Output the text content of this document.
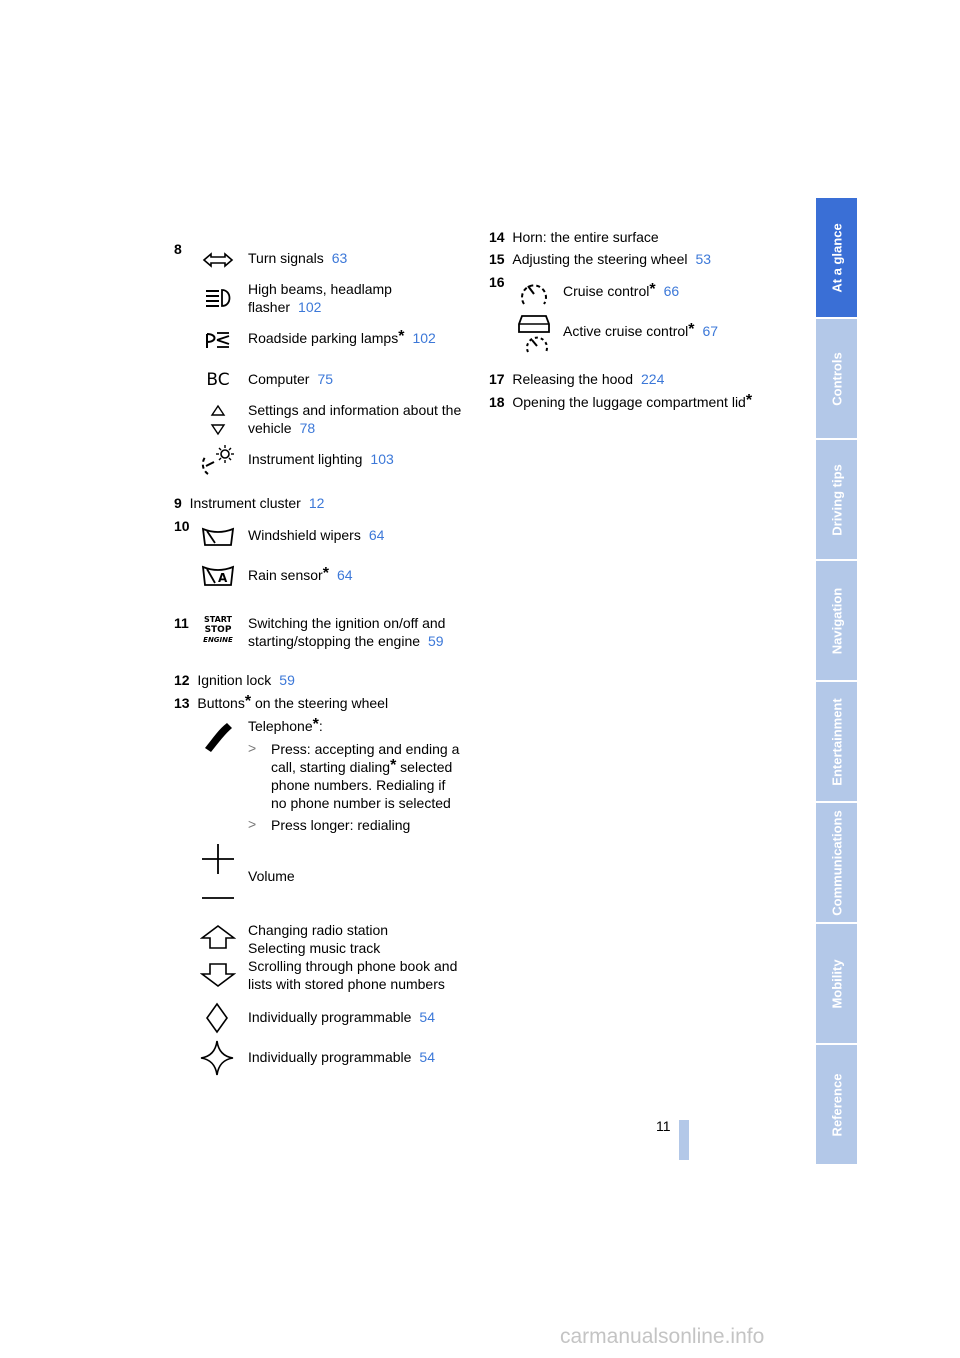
8
Turn signals 63
High beams, headlamp
flasher 102
Roadside parking lamps* 102
BC Computer 75
Settings and information about the
vehicle 78
Instrument lighting 103
9 Instrument cluster 12
10
Windshield wipers 64
A Rain sensor* 64
11	START
STOP
ENGINE
Switching the ignition on/off and
starting/stopping the engine 59
12 Ignition lock 59
13 Buttons* on the steering wheel
Telephone*:
> Press: accepting and ending a
call, starting dialing* selected
phone numbers. Redialing if
no phone number is selected
> Press longer: redialing
Volume
Changing radio station
Selecting music track
Scrolling through phone book and
lists with stored phone numbers
Individually programmable 54
Individually programmable 54
14 Horn: the entire surface
15 Adjusting the steering wheel 53
16
Cruise control* 66
Active cruise control* 67
17 Releasing the hood 224
18 Opening the luggage compartment lid*
At a glance
Controls
Driving tips
Navigation
Entertainment
Communications
Mobility
Reference
11
carmanualsonline.info
